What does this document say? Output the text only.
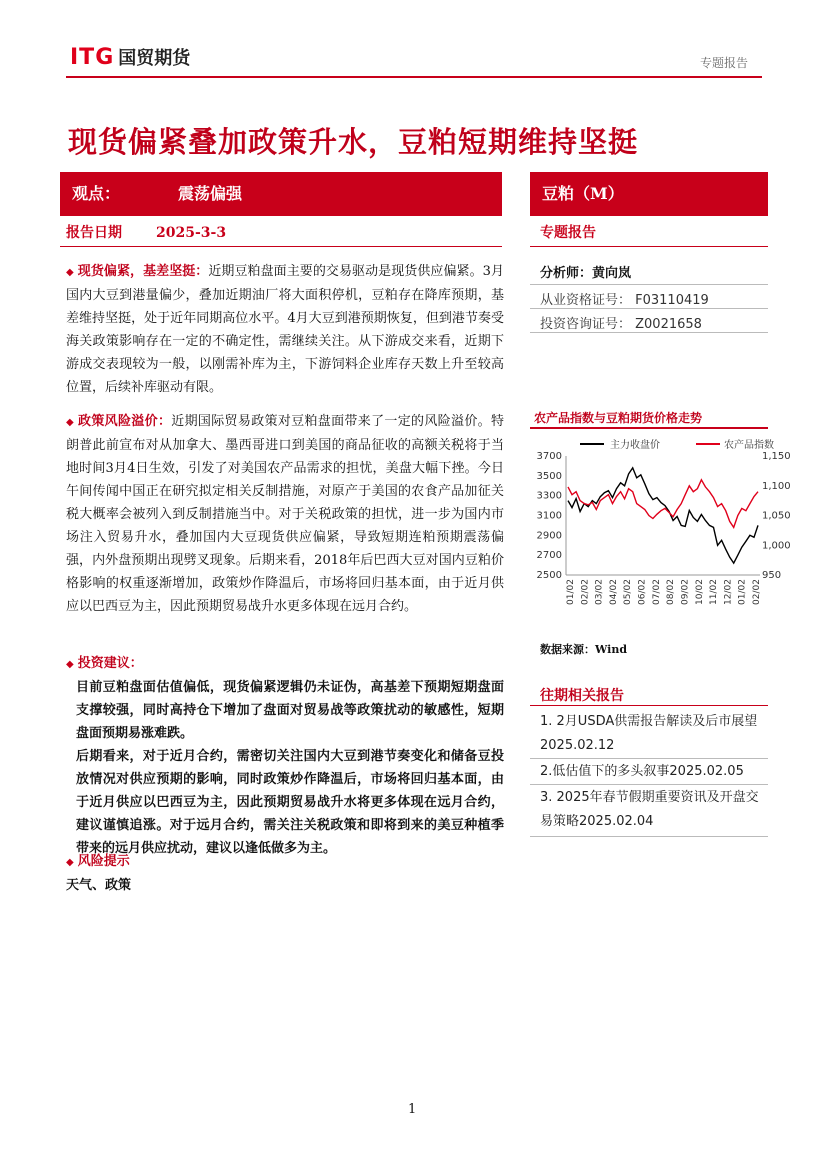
ITG 国贸期货	专题报告
现货偏紧叠加政策升水，豆粕短期维持坚挺
观点：	震荡偏强	豆粕（M）
报告日期 2025-3-3	专题报告
◆ 现货偏紧，基差坚挺：近期豆粕盘面主要的交易驱动是现货供应偏紧。3月国内大豆到港量偏少，叠加近期油厂将大面积停机，豆粕存在降库预期，基差维持坚挺，处于近年同期高位水平。4月大豆到港预期恢复，但到港节奏受海关政策影响存在一定的不确定性，需继续关注。从下游成交来看，近期下游成交表现较为一般，以刚需补库为主，下游饲料企业库存天数上升至较高位置，后续补库驱动有限。
◆ 政策风险溢价：近期国际贸易政策对豆粕盘面带来了一定的风险溢价。特朗普此前宣布对从加拿大、墨西哥进口到美国的商品征收的高额关税将于当地时间3月4日生效，引发了对美国农产品需求的担忧，美盘大幅下挫。今日午间传闻中国正在研究拟定相关反制措施，对原产于美国的农食产品加征关税大概率会被列入到反制措施当中。对于关税政策的担忧，进一步为国内市场注入贸易升水，叠加国内大豆现货供应偏紧，导致短期连粕预期震荡偏强，内外盘预期出现劈叉现象。后期来看，2018年后巴西大豆对国内豆粕价格影响的权重逐渐增加，政策炒作降温后，市场将回归基本面，由于近月供应以巴西豆为主，因此预期贸易战升水更多体现在远月合约。
◆ 投资建议：
目前豆粕盘面估值偏低，现货偏紧逻辑仍未证伪，高基差下预期短期盘面支撑较强，同时高持仓下增加了盘面对贸易战等政策扰动的敏感性，短期盘面预期易涨难跌。
后期看来，对于近月合约，需密切关注国内大豆到港节奏变化和储备豆投放情况对供应预期的影响，同时政策炒作降温后，市场将回归基本面，由于近月供应以巴西豆为主，因此预期贸易战升水将更多体现在远月合约，建议谨慎追涨。对于远月合约，需关注关税政策和即将到来的美豆种植季带来的远月供应扰动，建议以逢低做多为主。
◆ 风险提示
天气、政策
分析师：黄向岚
从业资格证号： F03110419
投资咨询证号： Z0021658
农产品指数与豆粕期货价格走势
2500
2700
2900
3100
3300
3500
3700
950
1,000
1,050
1,100
1,150
01/02 02/02 03/02 04/02 05/02 06/02 07/02 08/02 09/02 10/02 11/02 12/02 01/02 02/02
主力收盘价	农产品指数
数据来源：Wind
往期相关报告
1. 2月USDA供需报告解读及后市展望2025.02.12
2.低估值下的多头叙事2025.02.05
3. 2025年春节假期重要资讯及开盘交易策略2025.02.04
1
